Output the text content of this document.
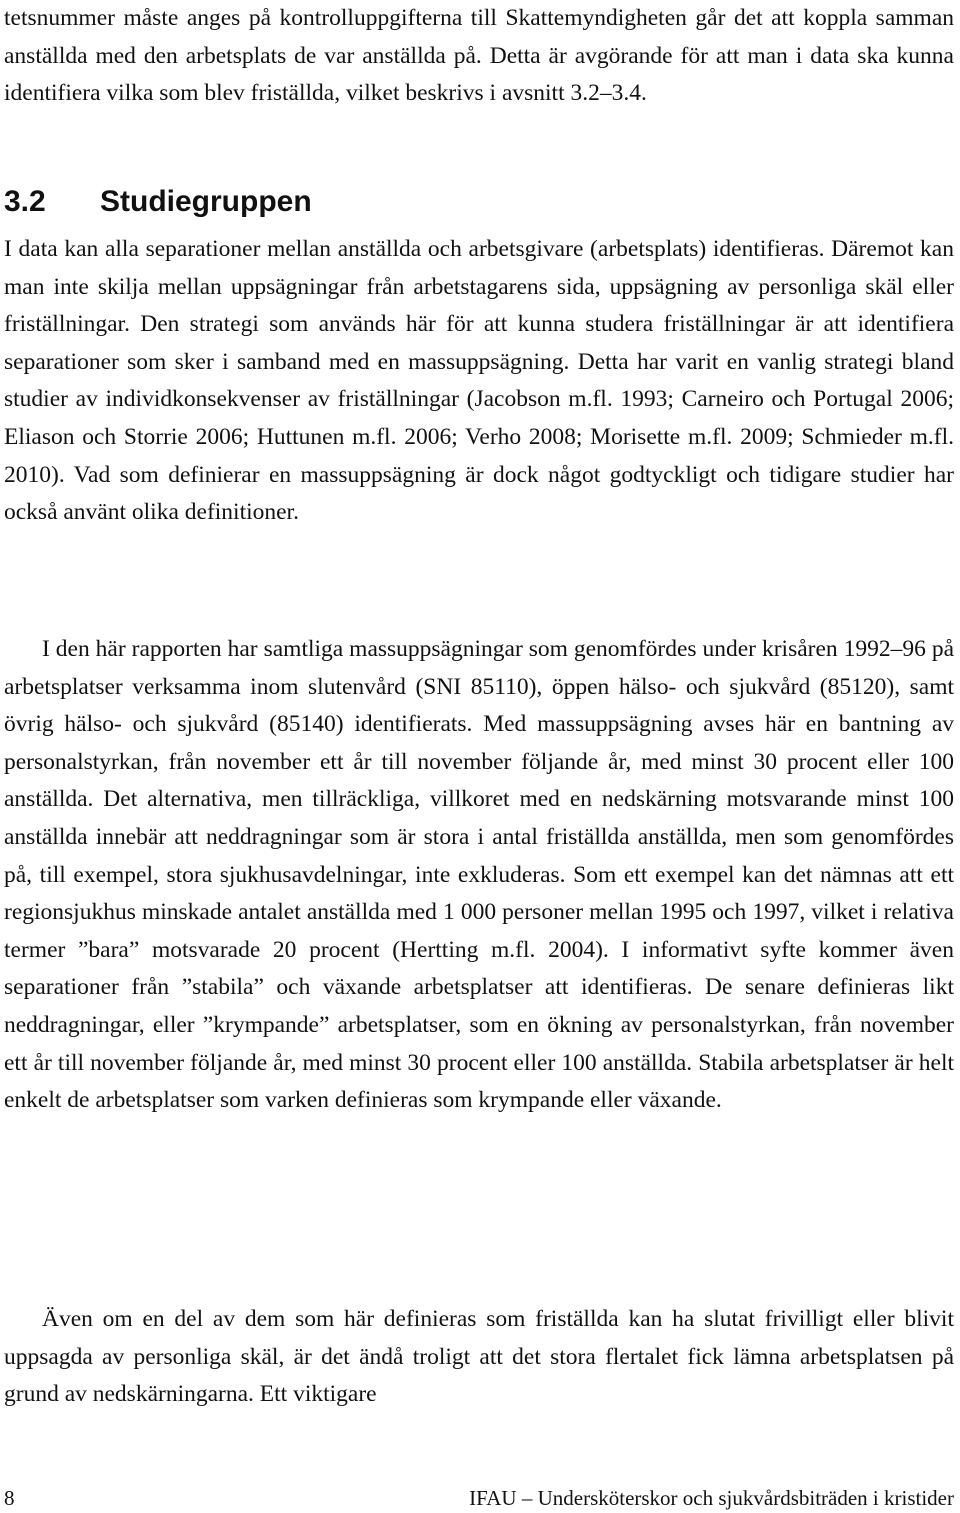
tetsnummer måste anges på kontrolluppgifterna till Skattemyndigheten går det att koppla samman anställda med den arbetsplats de var anställda på. Detta är avgörande för att man i data ska kunna identifiera vilka som blev friställda, vilket beskrivs i avsnitt 3.2–3.4.

3.2 Studiegruppen

I data kan alla separationer mellan anställda och arbetsgivare (arbetsplats) identifieras. Däremot kan man inte skilja mellan uppsägningar från arbetstagarens sida, uppsägning av personliga skäl eller friställningar. Den strategi som används här för att kunna studera friställningar är att identifiera separationer som sker i samband med en massuppsägning. Detta har varit en vanlig strategi bland studier av individkonsekvenser av friställningar (Jacobson m.fl. 1993; Carneiro och Portugal 2006; Eliason och Storrie 2006; Huttunen m.fl. 2006; Verho 2008; Morisette m.fl. 2009; Schmieder m.fl. 2010). Vad som definierar en massuppsägning är dock något godtyckligt och tidigare studier har också använt olika definitioner.

I den här rapporten har samtliga massuppsägningar som genomfördes under krisåren 1992–96 på arbetsplatser verksamma inom slutenvård (SNI 85110), öppen hälso- och sjukvård (85120), samt övrig hälso- och sjukvård (85140) identifierats. Med massuppsägning avses här en bantning av personalstyrkan, från november ett år till november följande år, med minst 30 procent eller 100 anställda. Det alternativa, men tillräckliga, villkoret med en nedskärning motsvarande minst 100 anställda innebär att neddragningar som är stora i antal friställda anställda, men som genomfördes på, till exempel, stora sjukhusavdelningar, inte exkluderas. Som ett exempel kan det nämnas att ett regionsjukhus minskade antalet anställda med 1 000 personer mellan 1995 och 1997, vilket i relativa termer ”bara” motsvarade 20 procent (Hertting m.fl. 2004). I informativt syfte kommer även separationer från ”stabila” och växande arbetsplatser att identifieras. De senare definieras likt neddragningar, eller ”krympande” arbetsplatser, som en ökning av personalstyrkan, från november ett år till november följande år, med minst 30 procent eller 100 anställda. Stabila arbetsplatser är helt enkelt de arbetsplatser som varken definieras som krympande eller växande.

Även om en del av dem som här definieras som friställda kan ha slutat frivilligt eller blivit uppsagda av personliga skäl, är det ändå troligt att det stora flertalet fick lämna arbetsplatsen på grund av nedskärningarna. Ett viktigare

8	IFAU – Undersköterskor och sjukvårdsbiträden i kristider
